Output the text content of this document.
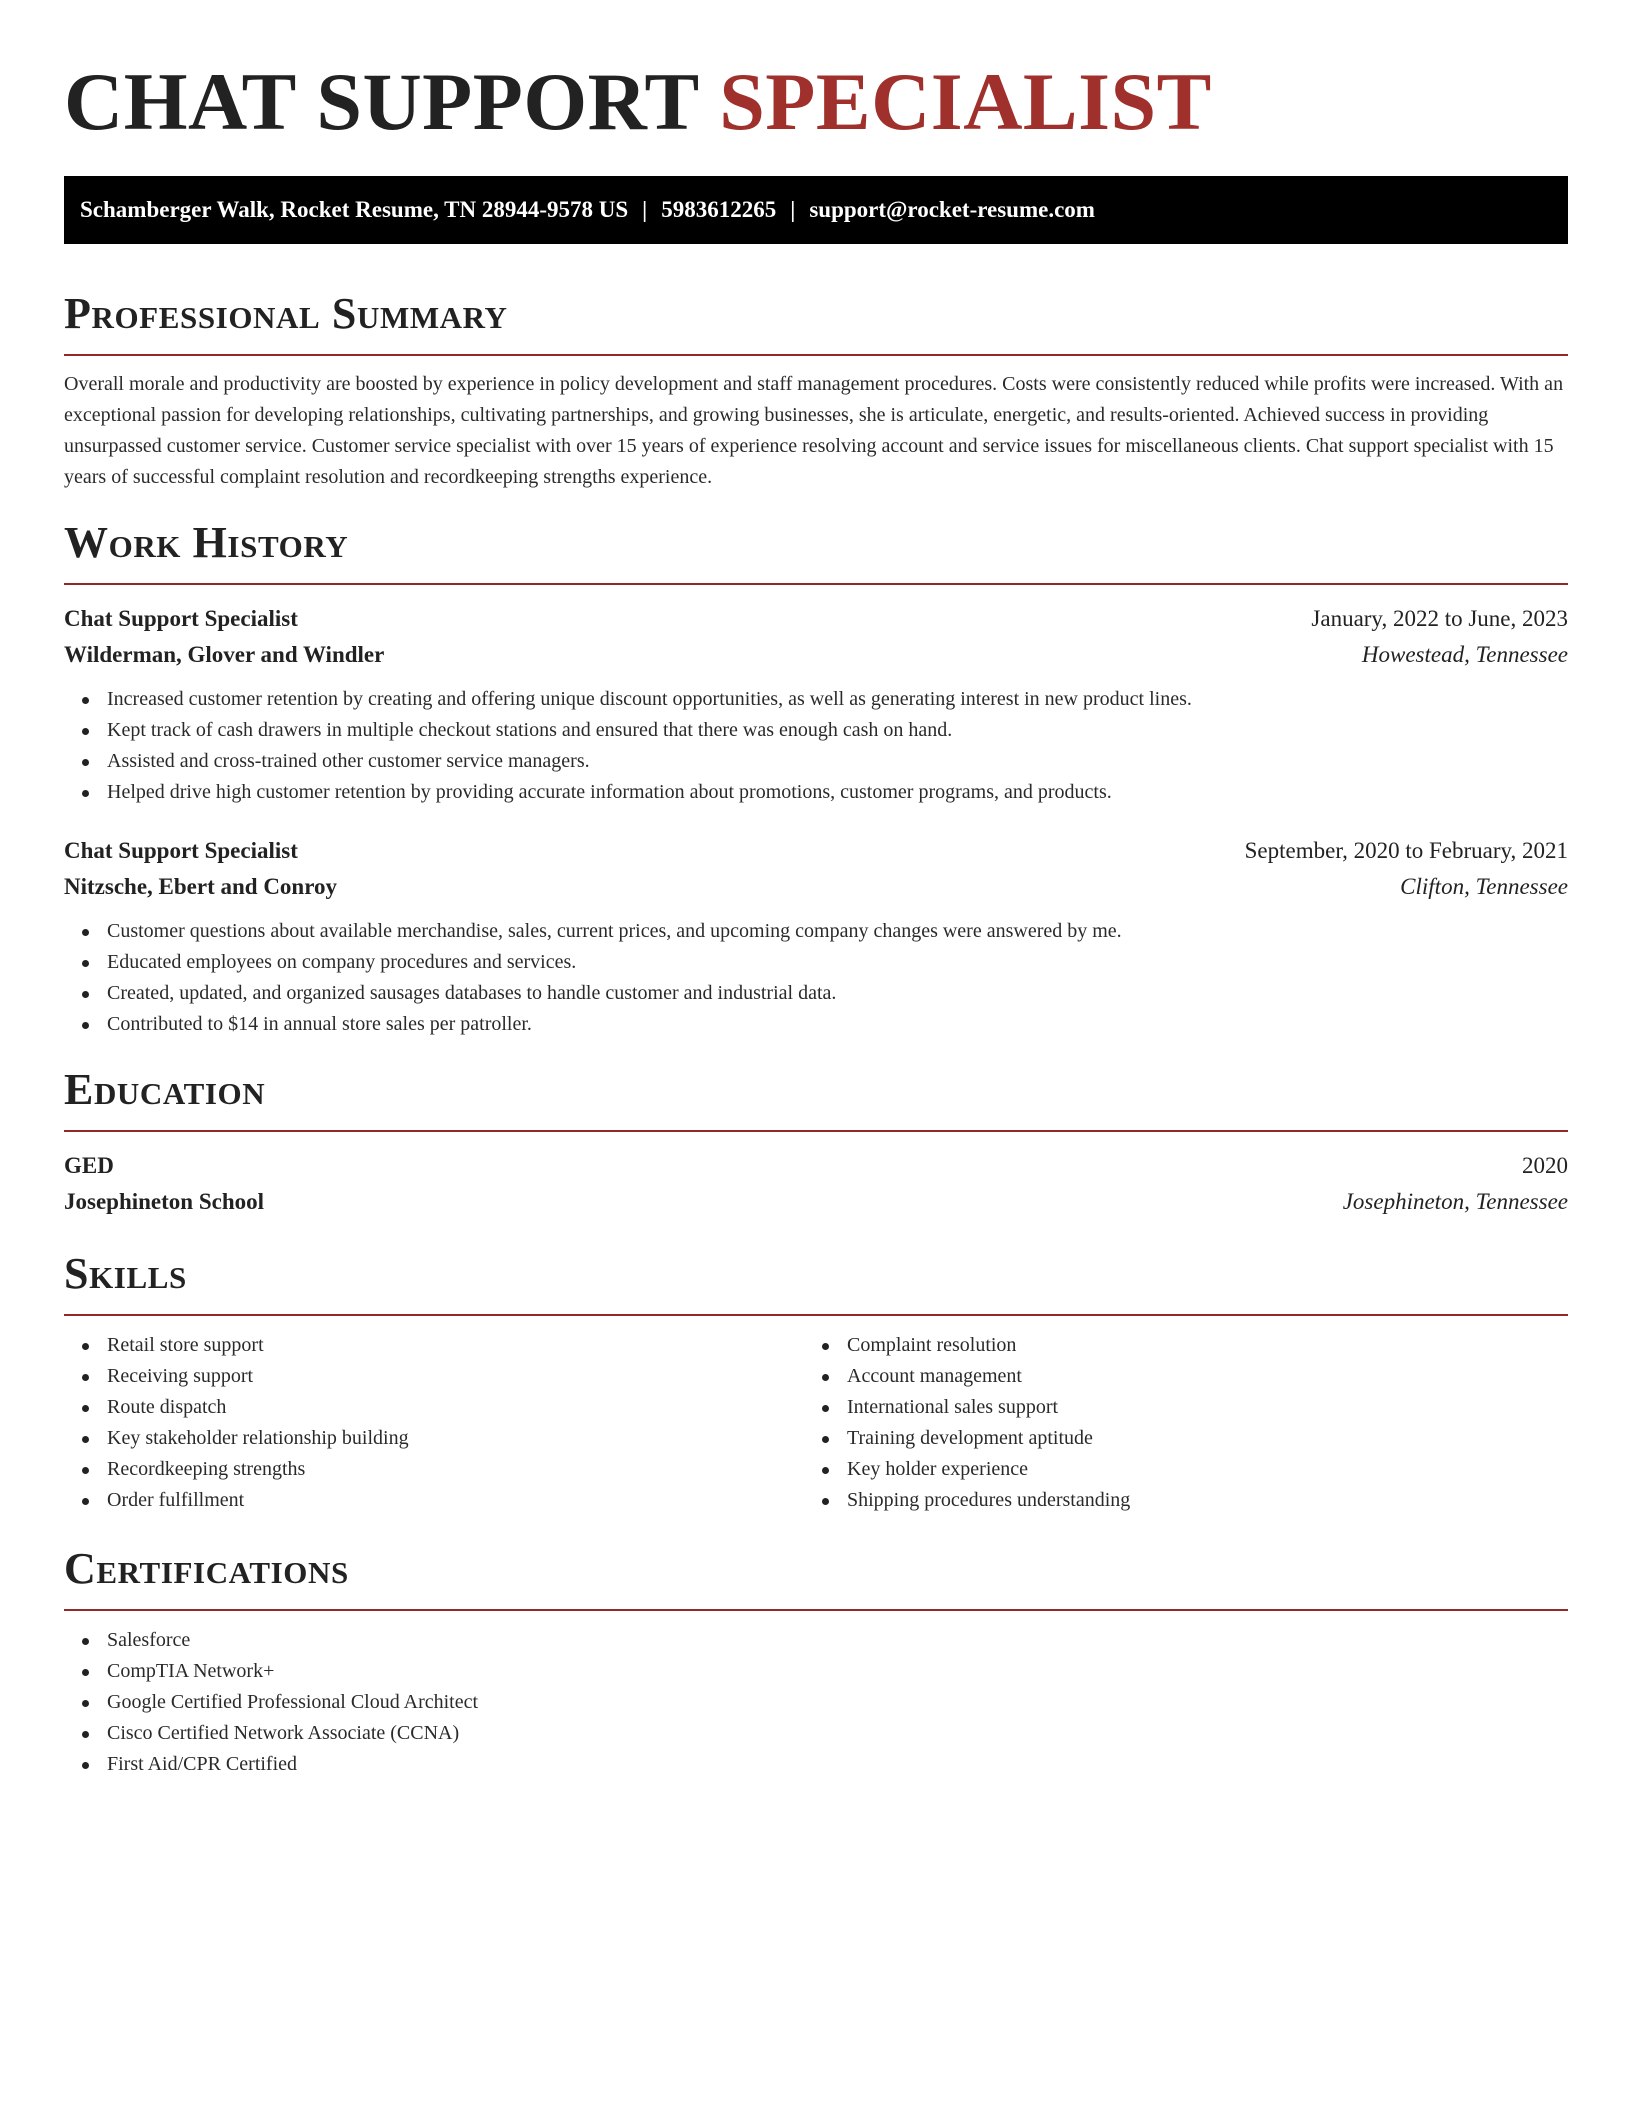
CHAT SUPPORT SPECIALIST
Schamberger Walk, Rocket Resume, TN 28944-9578 US | 5983612265 | support@rocket-resume.com
Professional Summary

Overall morale and productivity are boosted by experience in policy development and staff management procedures. Costs were consistently reduced while profits were increased. With an exceptional passion for developing relationships, cultivating partnerships, and growing businesses, she is articulate, energetic, and results-oriented. Achieved success in providing unsurpassed customer service. Customer service specialist with over 15 years of experience resolving account and service issues for miscellaneous clients. Chat support specialist with 15 years of successful complaint resolution and recordkeeping strengths experience.

Work History
Chat Support Specialist	January, 2022 to June, 2023
Wilderman, Glover and Windler	Howestead, Tennessee
Increased customer retention by creating and offering unique discount opportunities, as well as generating interest in new product lines.
Kept track of cash drawers in multiple checkout stations and ensured that there was enough cash on hand.
Assisted and cross-trained other customer service managers.
Helped drive high customer retention by providing accurate information about promotions, customer programs, and products.
Chat Support Specialist	September, 2020 to February, 2021
Nitzsche, Ebert and Conroy	Clifton, Tennessee
Customer questions about available merchandise, sales, current prices, and upcoming company changes were answered by me.
Educated employees on company procedures and services.
Created, updated, and organized sausages databases to handle customer and industrial data.
Contributed to $14 in annual store sales per patroller.
Education
GED	2020
Josephineton School	Josephineton, Tennessee
Skills
Retail store support
Receiving support
Route dispatch
Key stakeholder relationship building
Recordkeeping strengths
Order fulfillment
Complaint resolution
Account management
International sales support
Training development aptitude
Key holder experience
Shipping procedures understanding
Certifications
Salesforce
CompTIA Network+
Google Certified Professional Cloud Architect
Cisco Certified Network Associate (CCNA)
First Aid/CPR Certified
